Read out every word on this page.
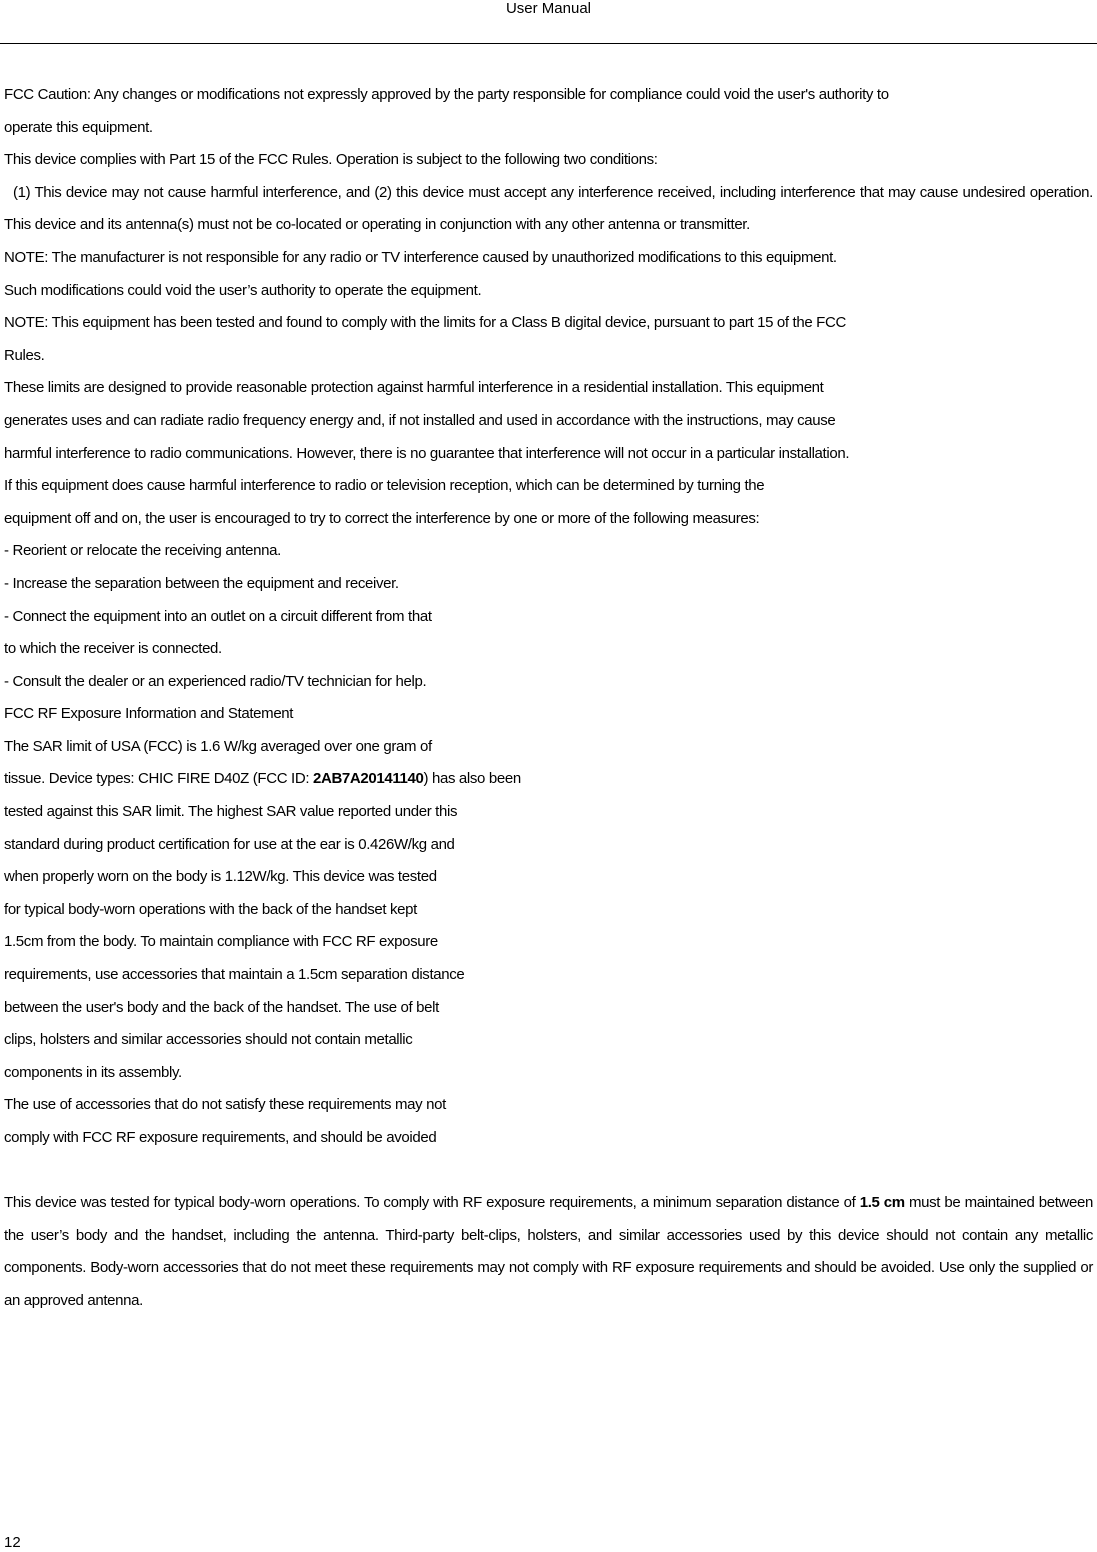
User Manual
FCC Caution: Any changes or modifications not expressly approved by the party responsible for compliance could void the user's authority to
operate this equipment.
This device complies with Part 15 of the FCC Rules. Operation is subject to the following two conditions:
(1) This device may not cause harmful interference, and (2) this device must accept any interference received, including interference that may cause undesired operation. This device and its antenna(s) must not be co-located or operating in conjunction with any other antenna or transmitter.
NOTE: The manufacturer is not responsible for any radio or TV interference caused by unauthorized modifications to this equipment.
Such modifications could void the user’s authority to operate the equipment.
NOTE: This equipment has been tested and found to comply with the limits for a Class B digital device, pursuant to part 15 of the FCC
Rules.
These limits are designed to provide reasonable protection against harmful interference in a residential installation. This equipment
generates uses and can radiate radio frequency energy and, if not installed and used in accordance with the instructions, may cause
harmful interference to radio communications. However, there is no guarantee that interference will not occur in a particular installation.
If this equipment does cause harmful interference to radio or television reception, which can be determined by turning the
equipment off and on, the user is encouraged to try to correct the interference by one or more of the following measures:
- Reorient or relocate the receiving antenna.
- Increase the separation between the equipment and receiver.
- Connect the equipment into an outlet on a circuit different from that
to which the receiver is connected.
- Consult the dealer or an experienced radio/TV technician for help.
FCC RF Exposure Information and Statement
The SAR limit of USA (FCC) is 1.6 W/kg averaged over one gram of
tissue. Device types: CHIC FIRE D40Z (FCC ID: 2AB7A20141140) has also been
tested against this SAR limit. The highest SAR value reported under this
standard during product certification for use at the ear is 0.426W/kg and
when properly worn on the body is 1.12W/kg. This device was tested
for typical body-worn operations with the back of the handset kept
1.5cm from the body. To maintain compliance with FCC RF exposure
requirements, use accessories that maintain a 1.5cm separation distance
between the user's body and the back of the handset. The use of belt
clips, holsters and similar accessories should not contain metallic
components in its assembly.
The use of accessories that do not satisfy these requirements may not
comply with FCC RF exposure requirements, and should be avoided
This device was tested for typical body-worn operations. To comply with RF exposure requirements, a minimum separation distance of 1.5 cm must be maintained between the user’s body and the handset, including the antenna. Third-party belt-clips, holsters, and similar accessories used by this device should not contain any metallic components. Body-worn accessories that do not meet these requirements may not comply with RF exposure requirements and should be avoided. Use only the supplied or an approved antenna.
12
